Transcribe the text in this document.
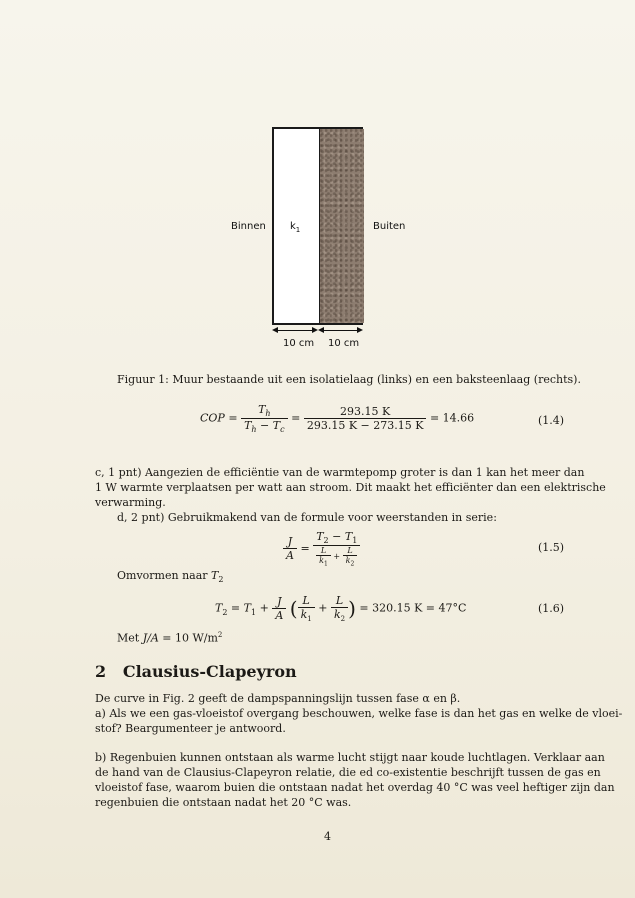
Binnen $k_1$	Buiten
10 cm 10 cm
Figuur 1: Muur bestaande uit een isolatielaag (links) en een baksteenlaag (rechts).
COP = $\frac{T_h}{T_h - T_c} = \frac{293.15 K}{293.15 K - 273.15 K} = 14.66$	(1.4)
c, 1 pnt) Aangezien de efficiëntie van de warmtepomp groter is dan 1 kan het meer dan
1 W warmte verplaatsen per watt aan stroom. Dit maakt het efficiënter dan een elektrische
verwarming.
d, 2 pnt) Gebruikmakend van de formule voor weerstanden in serie:
$\frac{J}{A} = \frac{T_2 - T_1}{\frac{L}{k_1} + \frac{L}{k_2}}$	(1.5)
Omvormen naar $T_2$
$T_2 = T_1 + \frac{J}{A}$ ( $\frac{L}{k_1} + \frac{L}{k_2}$ ) = 320.15 K = 47°C	(1.6)
Met J/A = 10 $W/m^2$
2 Clausius-Clapeyron
De curve in Fig. 2 geeft de dampspanningslijn tussen fase α en β.
a) Als we een gas-vloeistof overgang beschouwen, welke fase is dan het gas en welke de vloei-
stof? Beargumenteer je antwoord.
b) Regenbuien kunnen ontstaan als warme lucht stijgt naar koude luchtlagen. Verklaar aan
de hand van de Clausius-Clapeyron relatie, die ed co-existentie beschrijft tussen de gas en
vloeistof fase, waarom buien die ontstaan nadat het overdag 40 °C was veel heftiger zijn dan
regenbuien die ontstaan nadat het 20 °C was.
4
